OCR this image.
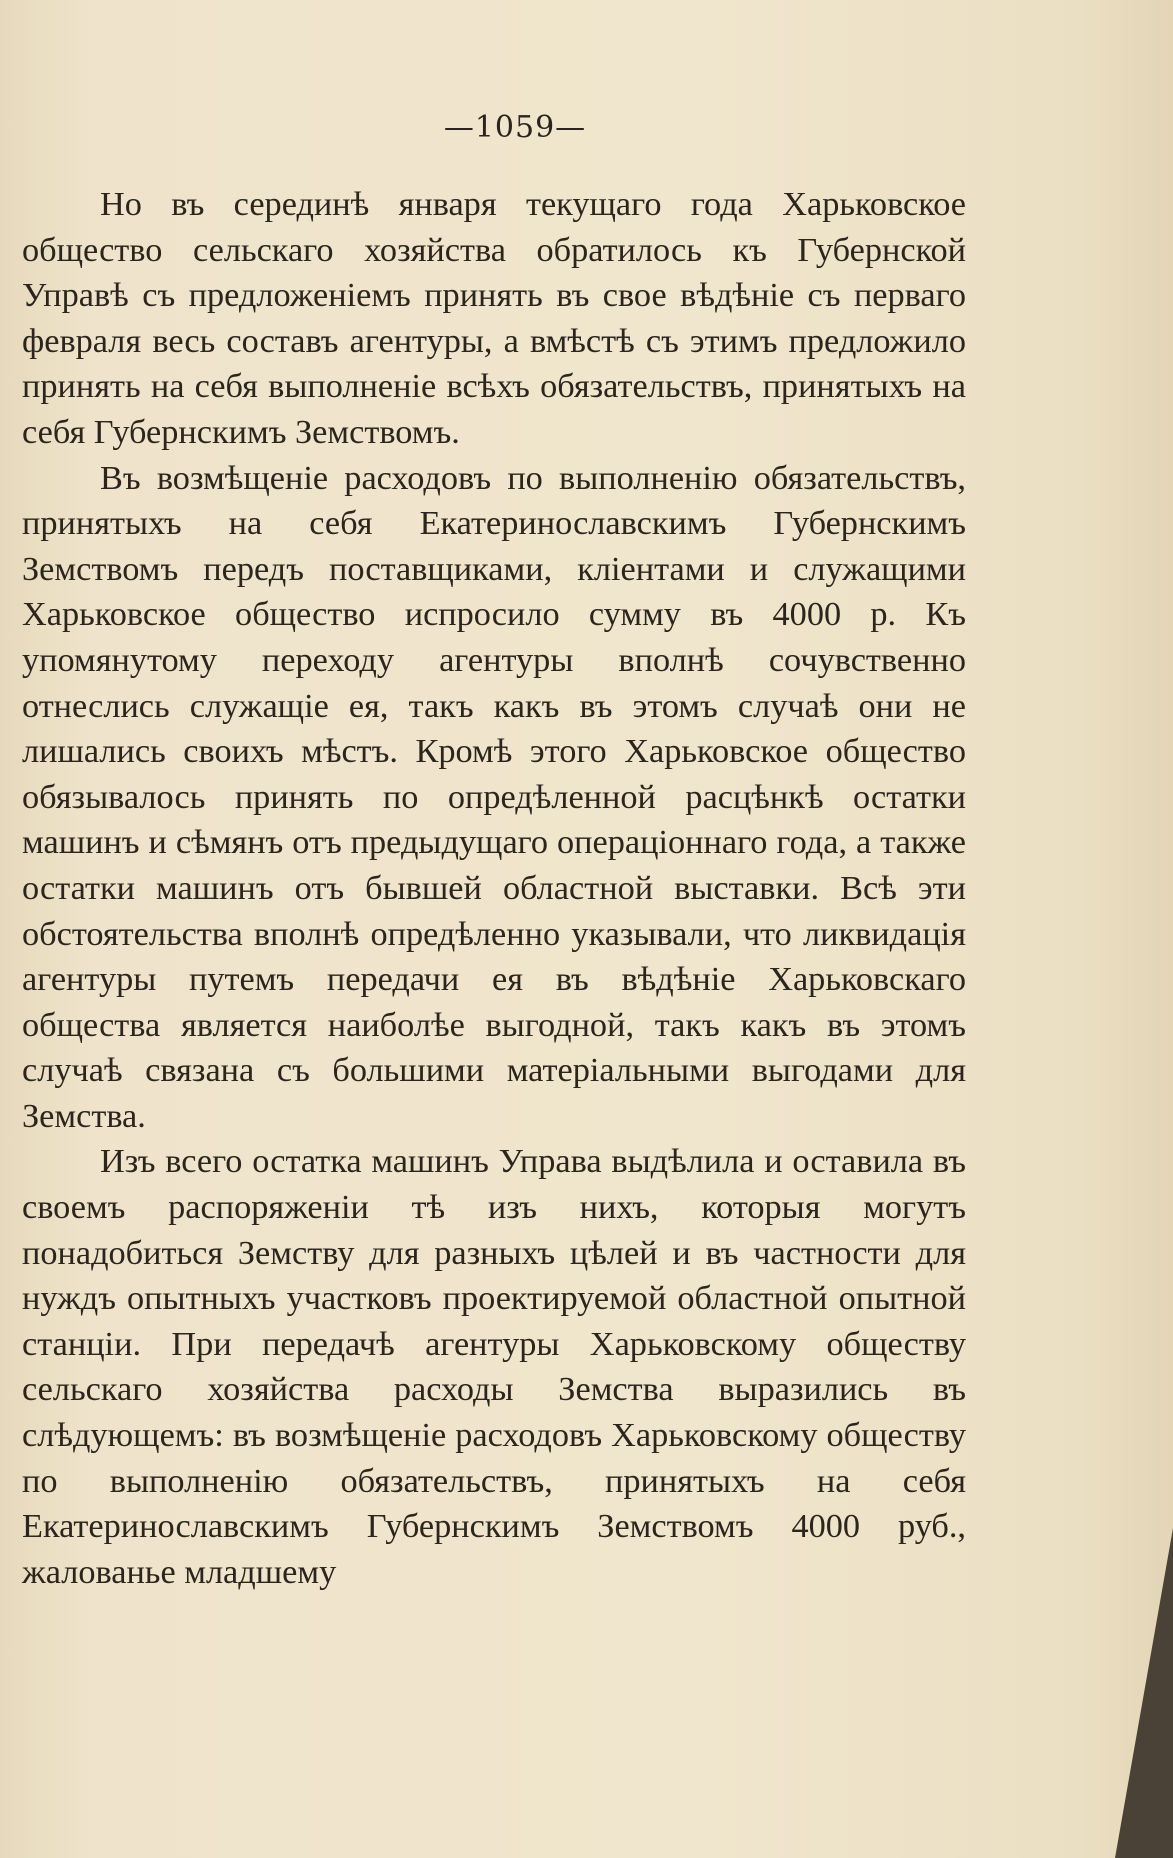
—1059—

Но въ серединѣ января текущаго года Харьковское общество сельскаго хозяйства обратилось къ Губернской Управѣ съ предложеніемъ принять въ свое вѣдѣніе съ перваго февраля весь составъ агентуры, а вмѣстѣ съ этимъ предложило принять на себя выполненіе всѣхъ обязательствъ, принятыхъ на себя Губернскимъ Земствомъ.

Въ возмѣщеніе расходовъ по выполненію обязательствъ, принятыхъ на себя Екатеринославскимъ Губернскимъ Земствомъ передъ поставщиками, кліентами и служащими Харьковское общество испросило сумму въ 4000 р. Къ упомянутому переходу агентуры вполнѣ сочувственно отнеслись служащіе ея, такъ какъ въ этомъ случаѣ они не лишались своихъ мѣстъ. Кромѣ этого Харьковское общество обязывалось принять по опредѣленной расцѣнкѣ остатки машинъ и сѣмянъ отъ предыдущаго операціоннаго года, а также остатки машинъ отъ бывшей областной выставки. Всѣ эти обстоятельства вполнѣ опредѣленно указывали, что ликвидація агентуры путемъ передачи ея въ вѣдѣніе Харьковскаго общества является наиболѣе выгодной, такъ какъ въ этомъ случаѣ связана съ большими матеріальными выгодами для Земства.

Изъ всего остатка машинъ Управа выдѣлила и оставила въ своемъ распоряженіи тѣ изъ нихъ, которыя могутъ понадобиться Земству для разныхъ цѣлей и въ частности для нуждъ опытныхъ участковъ проектируемой областной опытной станціи. При передачѣ агентуры Харьковскому обществу сельскаго хозяйства расходы Земства выразились въ слѣдующемъ: въ возмѣщеніе расходовъ Харьковскому обществу по выполненію обязательствъ, принятыхъ на себя Екатеринославскимъ Губернскимъ Земствомъ 4000 руб., жалованье младшему
